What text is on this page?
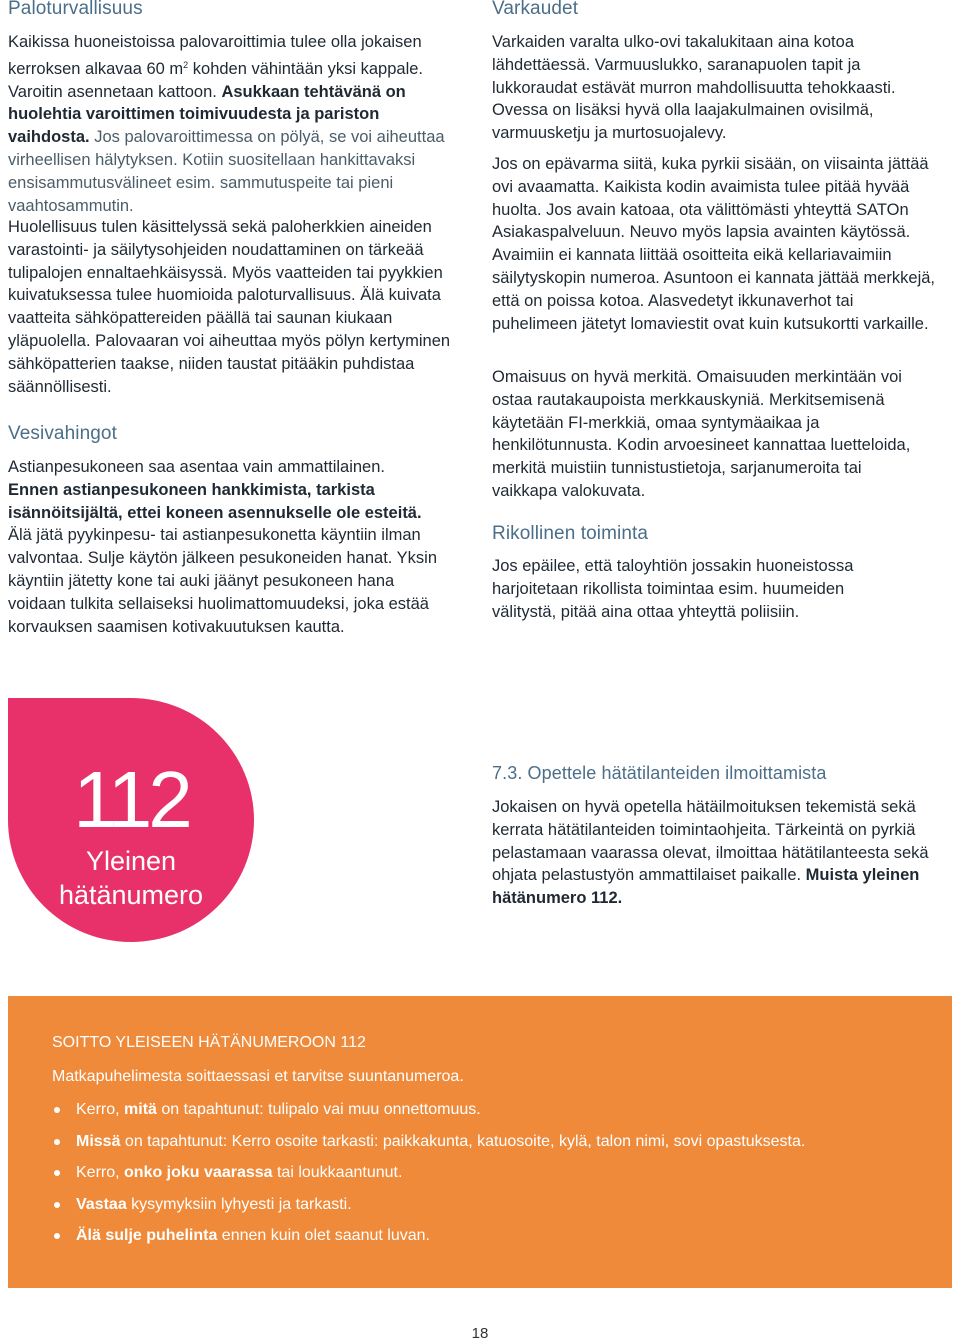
Paloturvallisuus

Kaikissa huoneistoissa palovaroittimia tulee olla jokaisen kerroksen alkavaa 60 $m^2$ kohden vähintään yksi kappale. Varoitin asennetaan kattoon. Asukkaan tehtävänä on huolehtia varoittimen toimivuudesta ja pariston vaihdosta. Jos palovaroittimessa on pölyä, se voi aiheuttaa virheellisen hälytyksen. Kotiin suositellaan hankittavaksi ensisammutusvälineet esim. sammutuspeite tai pieni vaahtosammutin.

Huolellisuus tulen käsittelyssä sekä paloherkkien aineiden varastointi- ja säilytysohjeiden noudattaminen on tärkeää tulipalojen ennaltaehkäisyssä. Myös vaatteiden tai pyykkien kuivatuksessa tulee huomioida paloturvallisuus. Älä kuivata vaatteita sähköpattereiden päällä tai saunan kiukaan yläpuolella. Palovaaran voi aiheuttaa myös pölyn kertyminen sähköpatterien taakse, niiden taustat pitääkin puhdistaa säännöllisesti.

Vesivahingot

Astianpesukoneen saa asentaa vain ammattilainen. Ennen astianpesukoneen hankkimista, tarkista isännöitsijältä, ettei koneen asennukselle ole esteitä. Älä jätä pyykinpesu- tai astianpesukonetta käyntiin ilman valvontaa. Sulje käytön jälkeen pesukoneiden hanat. Yksin käyntiin jätetty kone tai auki jäänyt pesukoneen hana voidaan tulkita sellaiseksi huolimattomuudeksi, joka estää korvauksen saamisen kotivakuutuksen kautta.

Varkaudet

Varkaiden varalta ulko-ovi takalukitaan aina kotoa lähdettäessä. Varmuuslukko, saranapuolen tapit ja lukkoraudat estävät murron mahdollisuutta tehokkaasti. Ovessa on lisäksi hyvä olla laajakulmainen ovisilmä, varmuusketju ja murtosuojalevy.

Jos on epävarma siitä, kuka pyrkii sisään, on viisainta jättää ovi avaamatta. Kaikista kodin avaimista tulee pitää hyvää huolta. Jos avain katoaa, ota välittömästi yhteyttä SATOn Asiakaspalveluun. Neuvo myös lapsia avainten käytössä. Avaimiin ei kannata liittää osoitteita eikä kellariavaimiin säilytyskopin numeroa. Asuntoon ei kannata jättää merkkejä, että on poissa kotoa. Alasvedetyt ikkunaverhot tai puhelimeen jätetyt lomaviestit ovat kuin kutsukortti varkaille.

Omaisuus on hyvä merkitä. Omaisuuden merkintään voi ostaa rautakaupoista merkkauskyniä. Merkitsemisenä käytetään FI-merkkiä, omaa syntymäaikaa ja henkilötunnusta. Kodin arvoesineet kannattaa luetteloida, merkitä muistiin tunnistustietoja, sarjanumeroita tai vaikkapa valokuvata.

Rikollinen toiminta

Jos epäilee, että taloyhtiön jossakin huoneistossa harjoitetaan rikollista toimintaa esim. huumeiden välitystä, pitää aina ottaa yhteyttä poliisiin.

112
Yleinen
hätänumero
7.3. Opettele hätätilanteiden ilmoittamista

Jokaisen on hyvä opetella hätäilmoituksen tekemistä sekä kerrata hätätilanteiden toimintaohjeita. Tärkeintä on pyrkiä pelastamaan vaarassa olevat, ilmoittaa hätätilanteesta sekä ohjata pelastustyön ammattilaiset paikalle. Muista yleinen hätänumero 112.

SOITTO YLEISEEN HÄTÄNUMEROON 112
Matkapuhelimesta soittaessasi et tarvitse suuntanumeroa.
Kerro, mitä on tapahtunut: tulipalo vai muu onnettomuus.
Missä on tapahtunut: Kerro osoite tarkasti: paikkakunta, katuosoite, kylä, talon nimi, sovi opastuksesta.
Kerro, onko joku vaarassa tai loukkaantunut.
Vastaa kysymyksiin lyhyesti ja tarkasti.
Älä sulje puhelinta ennen kuin olet saanut luvan.
18
